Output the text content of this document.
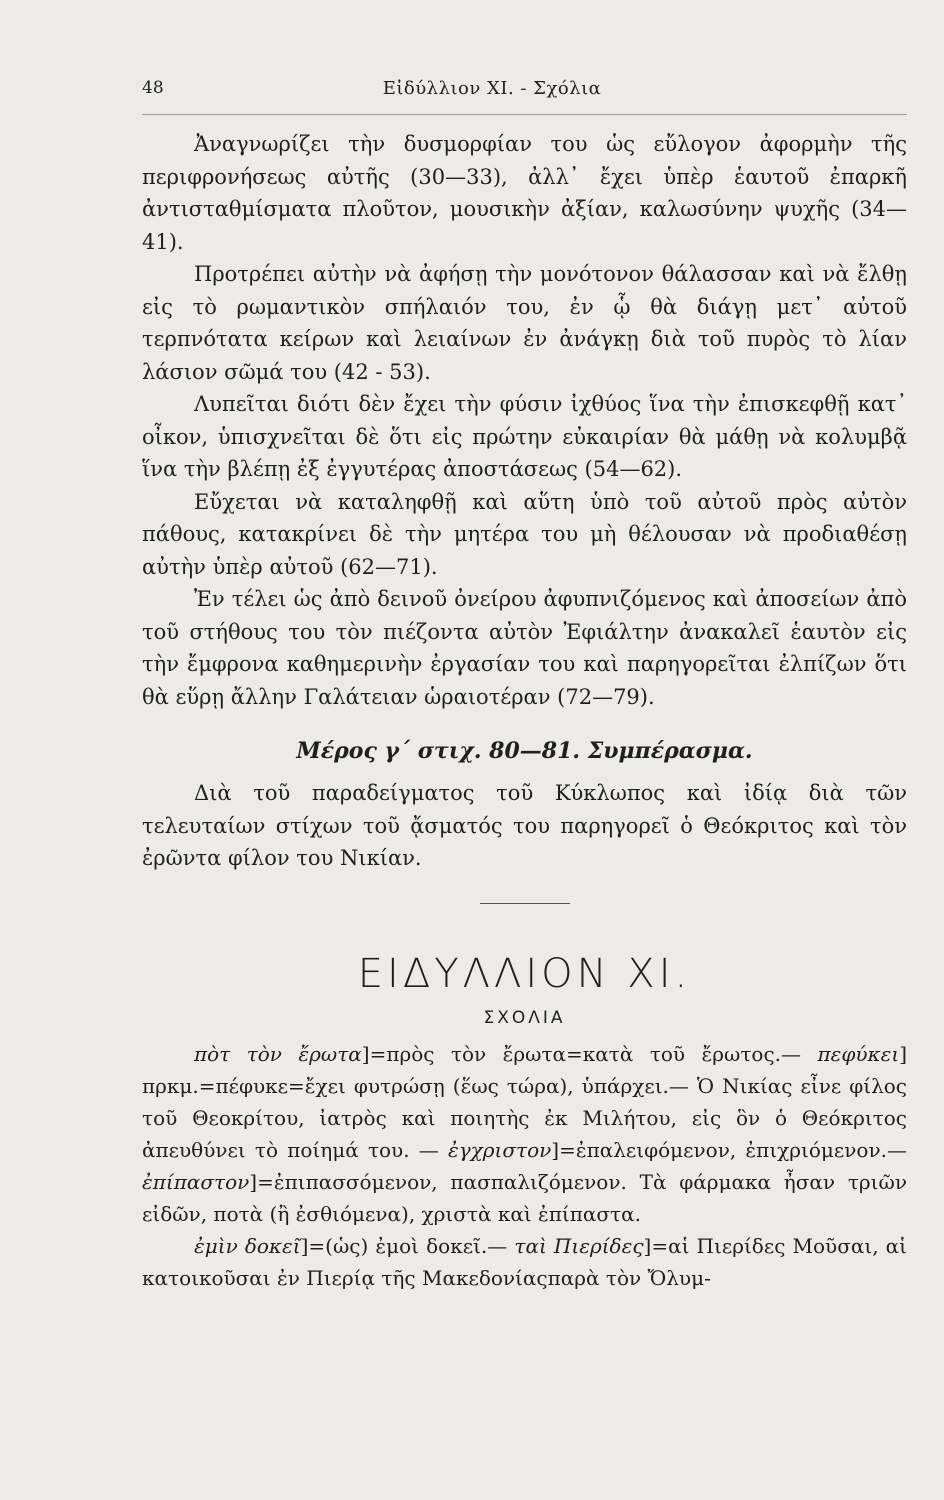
48	Εἰδύλλιον ΧΙ. - Σχόλια

Ἀναγνωρίζει τὴν δυσμορφίαν του ὡς εὔλογον ἀφορμὴν τῆς περιφρονήσεως αὐτῆς (30—33), ἀλλ᾽ ἔχει ὑπὲρ ἑαυτοῦ ἐπαρκῆ ἀντισταθμίσματα πλοῦτον, μουσικὴν ἀξίαν, καλωσύνην ψυχῆς (34—41).

Προτρέπει αὐτὴν νὰ ἀφήσῃ τὴν μονότονον θάλασσαν καὶ νὰ ἔλθῃ εἰς τὸ ρωμαντικὸν σπήλαιόν του, ἐν ᾧ θὰ διάγῃ μετ᾽ αὐτοῦ τερπνότατα κείρων καὶ λειαίνων ἐν ἀνάγκῃ διὰ τοῦ πυρὸς τὸ λίαν λάσιον σῶμά του (42 - 53).

Λυπεῖται διότι δὲν ἔχει τὴν φύσιν ἰχθύος ἵνα τὴν ἐπισκεφθῇ κατ᾽ οἶκον, ὑπισχνεῖται δὲ ὅτι εἰς πρώτην εὐκαιρίαν θὰ μάθῃ νὰ κολυμβᾷ ἵνα τὴν βλέπῃ ἐξ ἐγγυτέρας ἀποστάσεως (54—62).

Εὔχεται νὰ καταληφθῇ καὶ αὕτη ὑπὸ τοῦ αὐτοῦ πρὸς αὐτὸν πάθους, κατακρίνει δὲ τὴν μητέρα του μὴ θέλουσαν νὰ προδιαθέσῃ αὐτὴν ὑπὲρ αὐτοῦ (62—71).

Ἐν τέλει ὡς ἀπὸ δεινοῦ ὀνείρου ἀφυπνιζόμενος καὶ ἀποσείων ἀπὸ τοῦ στήθους του τὸν πιέζοντα αὐτὸν Ἐφιάλτην ἀνακαλεῖ ἑαυτὸν εἰς τὴν ἔμφρονα καθημερινὴν ἐργασίαν του καὶ παρηγορεῖται ἐλπίζων ὅτι θὰ εὕρῃ ἄλλην Γαλάτειαν ὡραιοτέραν (72—79).

Μέρος γ΄ στιχ. 80—81. Συμπέρασμα.

Διὰ τοῦ παραδείγματος τοῦ Κύκλωπος καὶ ἰδίᾳ διὰ τῶν τελευταίων στίχων τοῦ ᾄσματός του παρηγορεῖ ὁ Θεόκριτος καὶ τὸν ἐρῶντα φίλον του Νικίαν.

ΕΙΔΥΛΛΙΟΝ ΧΙ.
ΣΧΟΛΙΑ

πὸτ τὸν ἔρωτα]=πρὸς τὸν ἔρωτα=κατὰ τοῦ ἔρωτος.— πεφύκει] πρκμ.=πέφυκε=ἔχει φυτρώσῃ (ἕως τώρα), ὑπάρχει.— Ὁ Νικίας εἶνε φίλος τοῦ Θεοκρίτου, ἰατρὸς καὶ ποιητὴς ἐκ Μιλήτου, εἰς ὃν ὁ Θεόκριτος ἀπευθύνει τὸ ποίημά του. — ἐγχριστον]=ἐπαλειφόμενον, ἐπιχριόμενον.— ἐπίπαστον]=ἐπιπασσόμενον, πασπαλιζόμενον. Τὰ φάρμακα ἦσαν τριῶν εἰδῶν, ποτὰ (ἢ ἐσθιόμενα), χριστὰ καὶ ἐπίπαστα.

ἐμὶν δοκεῖ]=(ὡς) ἐμοὶ δοκεῖ.— ταὶ Πιερίδες]=αἱ Πιερίδες Μοῦσαι, αἱ κατοικοῦσαι ἐν Πιερίᾳ τῆς Μακεδονίαςπαρὰ τὸν Ὄλυμ-
